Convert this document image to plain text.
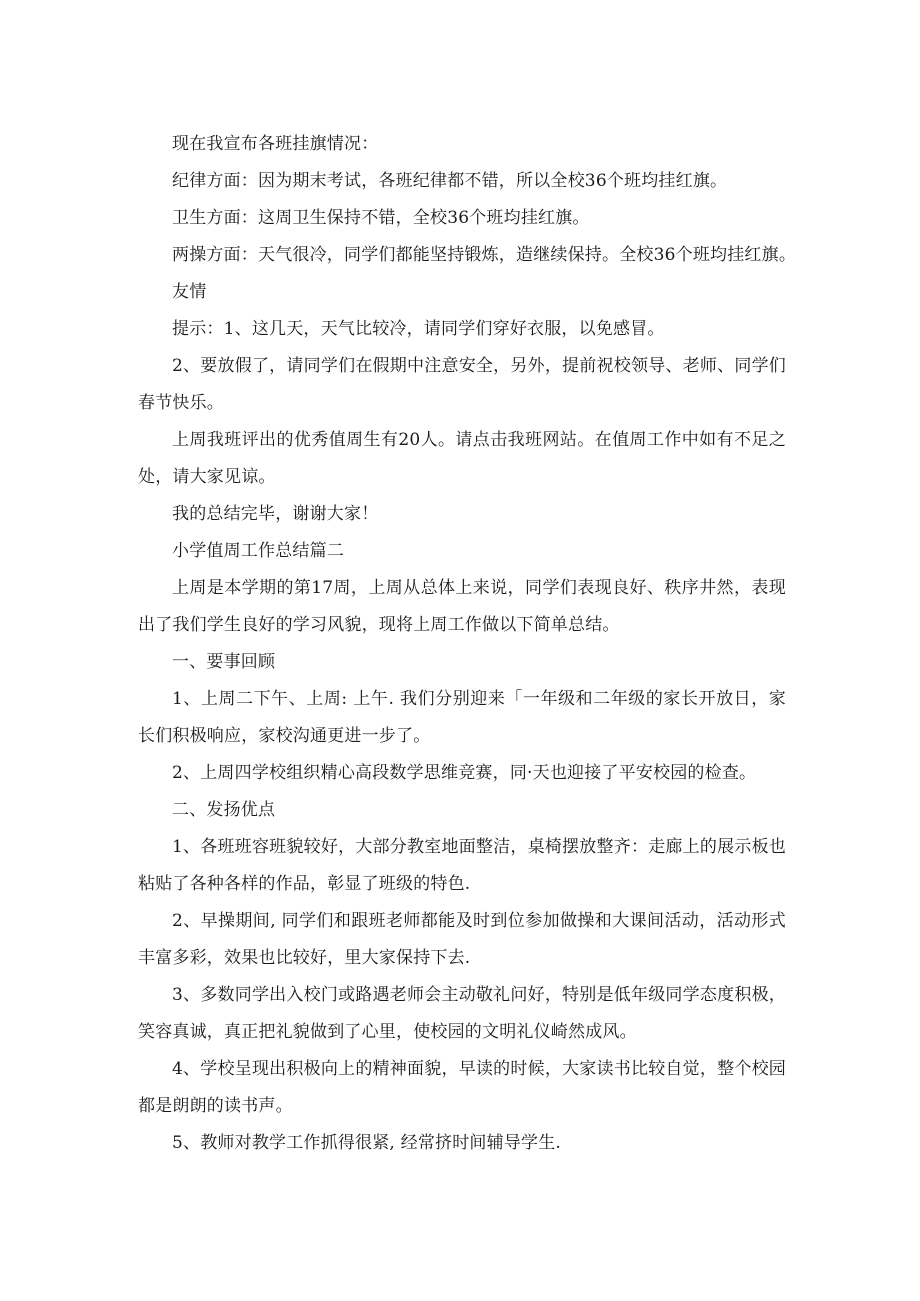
现在我宣布各班挂旗情况：

纪律方面：因为期末考试，各班纪律都不错，所以全校36个班均挂红旗。

卫生方面：这周卫生保持不错，全校36个班均挂红旗。

两操方面：天气很冷，同学们都能坚持锻炼，造继续保持。全校36个班均挂红旗。

友情

提示：1、这几天，天气比较冷，请同学们穿好衣服，以免感冒。

2、要放假了，请同学们在假期中注意安全，另外，提前祝校领导、老师、同学们春节快乐。

上周我班评出的优秀值周生有20人。请点击我班网站。在值周工作中如有不足之处，请大家见谅。

我的总结完毕，谢谢大家！

小学值周工作总结篇二

上周是本学期的第17周，上周从总体上来说，同学们表现良好、秩序井然，表现出了我们学生良好的学习风貌，现将上周工作做以下简单总结。

一、要事回顾

1、上周二下午、上周: 上午. 我们分别迎来「一年级和二年级的家长开放日，家长们积极响应，家校沟通更进一步了。

2、上周四学校组织精心高段数学思维竞赛，同·天也迎接了平安校园的检查。

二、发扬优点

1、各班班容班貌较好，大部分教室地面整洁，桌椅摆放整齐：走廊上的展示板也粘贴了各种各样的作品，彰显了班级的特色.

2、早操期间, 同学们和跟班老师都能及时到位参加做操和大课间活动，活动形式丰富多彩，效果也比较好，里大家保持下去.

3、多数同学出入校门或路遇老师会主动敬礼问好，特别是低年级同学态度积极，笑容真诚，真正把礼貌做到了心里，使校园的文明礼仪崎然成风。

4、学校呈现出积极向上的精神面貌，早读的时候，大家读书比较自觉，整个校园都是朗朗的读书声。

5、教师对教学工作抓得很紧, 经常挤时间辅导学生.
